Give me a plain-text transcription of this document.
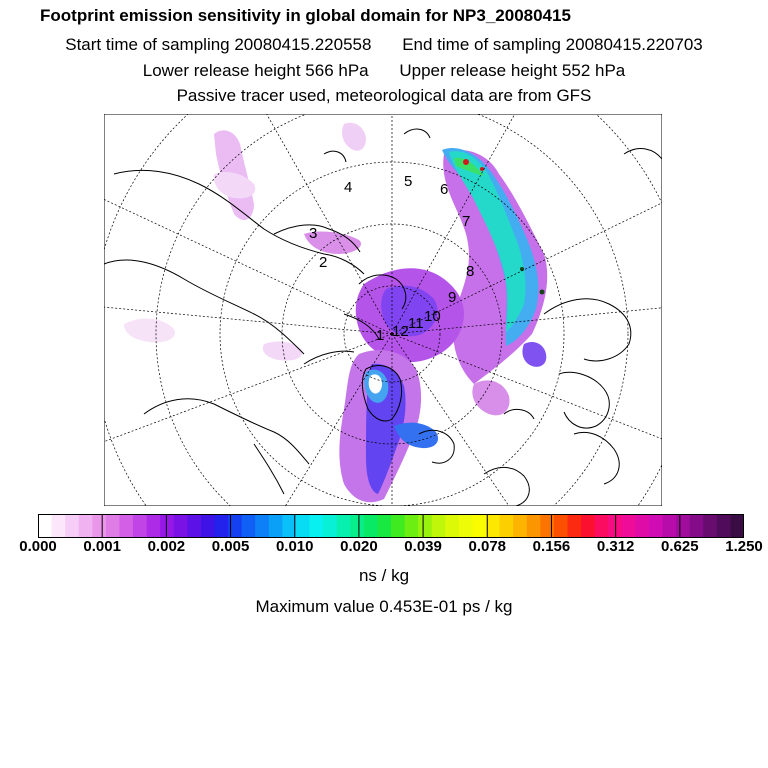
Footprint emission sensitivity in global domain for NP3_20080415
Start time of sampling 20080415.220558 End time of sampling 20080415.220703
Lower release height 566 hPa Upper release height 552 hPa
Passive tracer used, meteorological data are from GFS
1
2
3
4	5 6
7
8
9
10
11
12
0.000 0.001 0.002 0.005 0.010 0.020 0.039 0.078 0.156 0.312 0.625 1.250
ns / kg
Maximum value 0.453E-01 ps / kg
